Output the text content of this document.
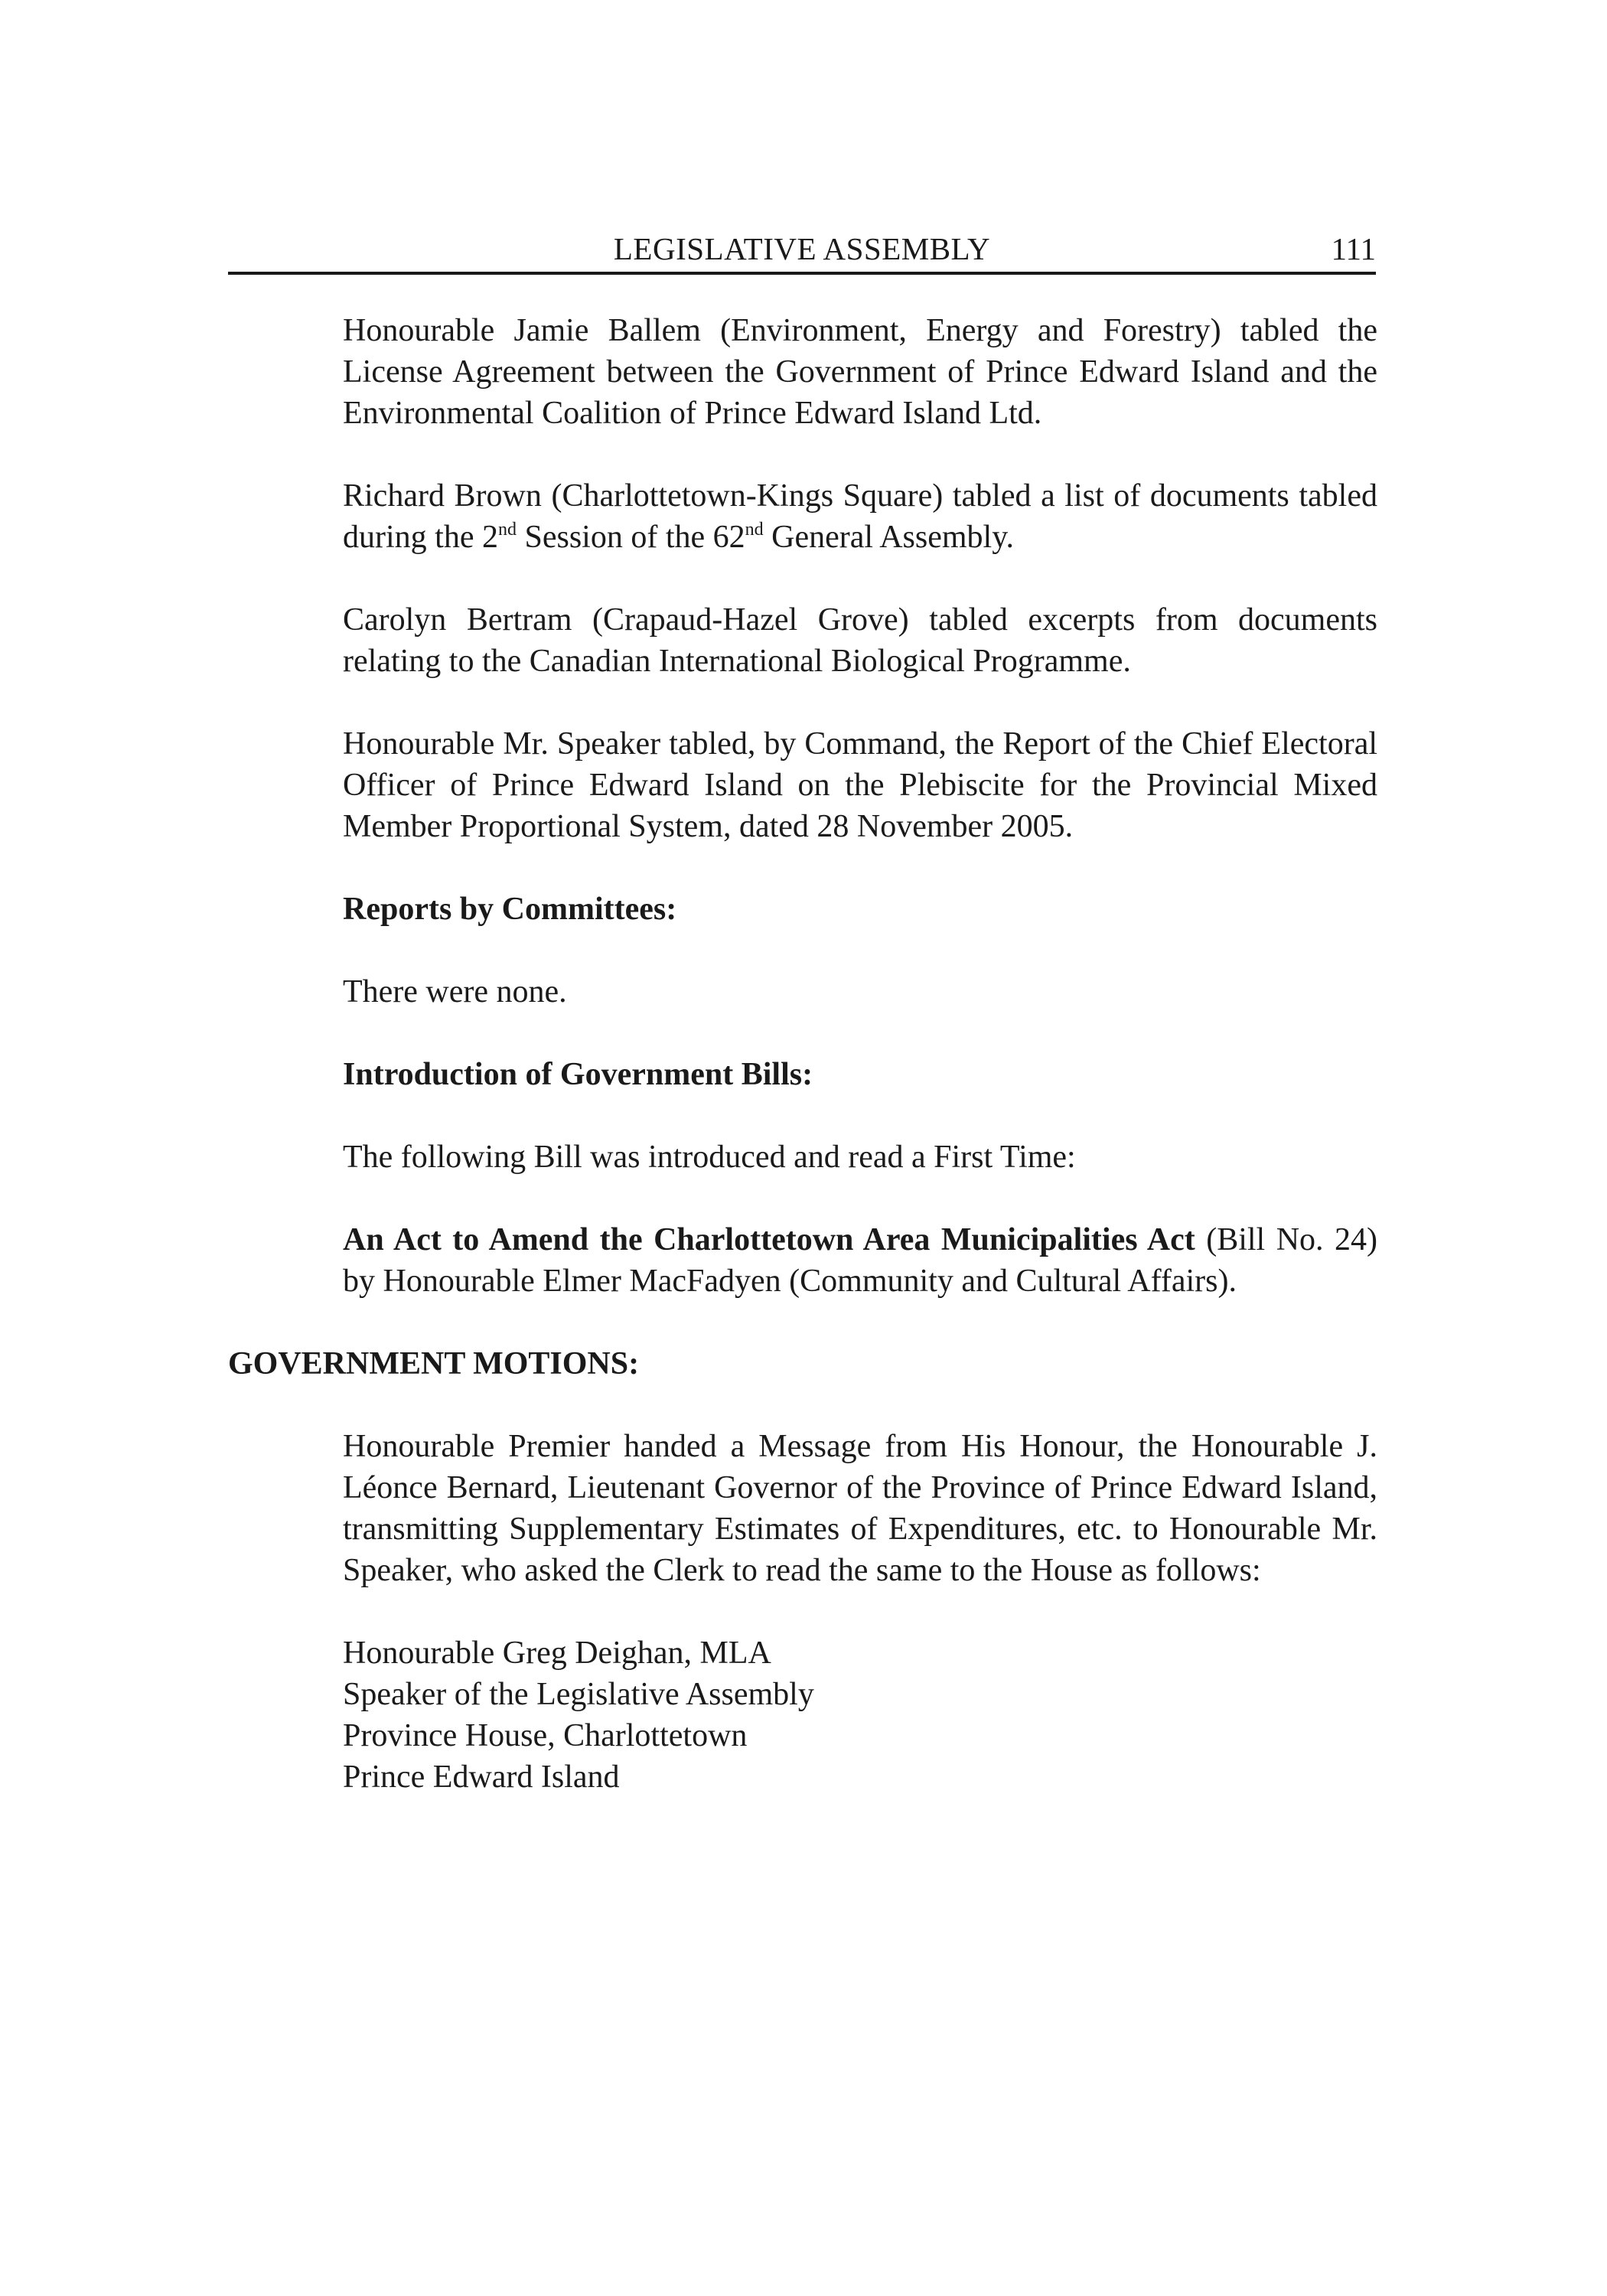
LEGISLATIVE ASSEMBLY	111

Honourable Jamie Ballem (Environment, Energy and Forestry) tabled the License Agreement between the Government of Prince Edward Island and the Environmental Coalition of Prince Edward Island Ltd.

Richard Brown (Charlottetown-Kings Square) tabled a list of documents tabled during the 2nd Session of the 62nd General Assembly.

Carolyn Bertram (Crapaud-Hazel Grove) tabled excerpts from documents relating to the Canadian International Biological Programme.

Honourable Mr. Speaker tabled, by Command, the Report of the Chief Electoral Officer of Prince Edward Island on the Plebiscite for the Provincial Mixed Member Proportional System, dated 28 November 2005.

Reports by Committees:

There were none.

Introduction of Government Bills:

The following Bill was introduced and read a First Time:

An Act to Amend the Charlottetown Area Municipalities Act (Bill No. 24) by Honourable Elmer MacFadyen (Community and Cultural Affairs).

GOVERNMENT MOTIONS:

Honourable Premier handed a Message from His Honour, the Honourable J. Léonce Bernard, Lieutenant Governor of the Province of Prince Edward Island, transmitting Supplementary Estimates of Expenditures, etc. to Honourable Mr. Speaker, who asked the Clerk to read the same to the House as follows:

Honourable Greg Deighan, MLA
Speaker of the Legislative Assembly
Province House, Charlottetown
Prince Edward Island
